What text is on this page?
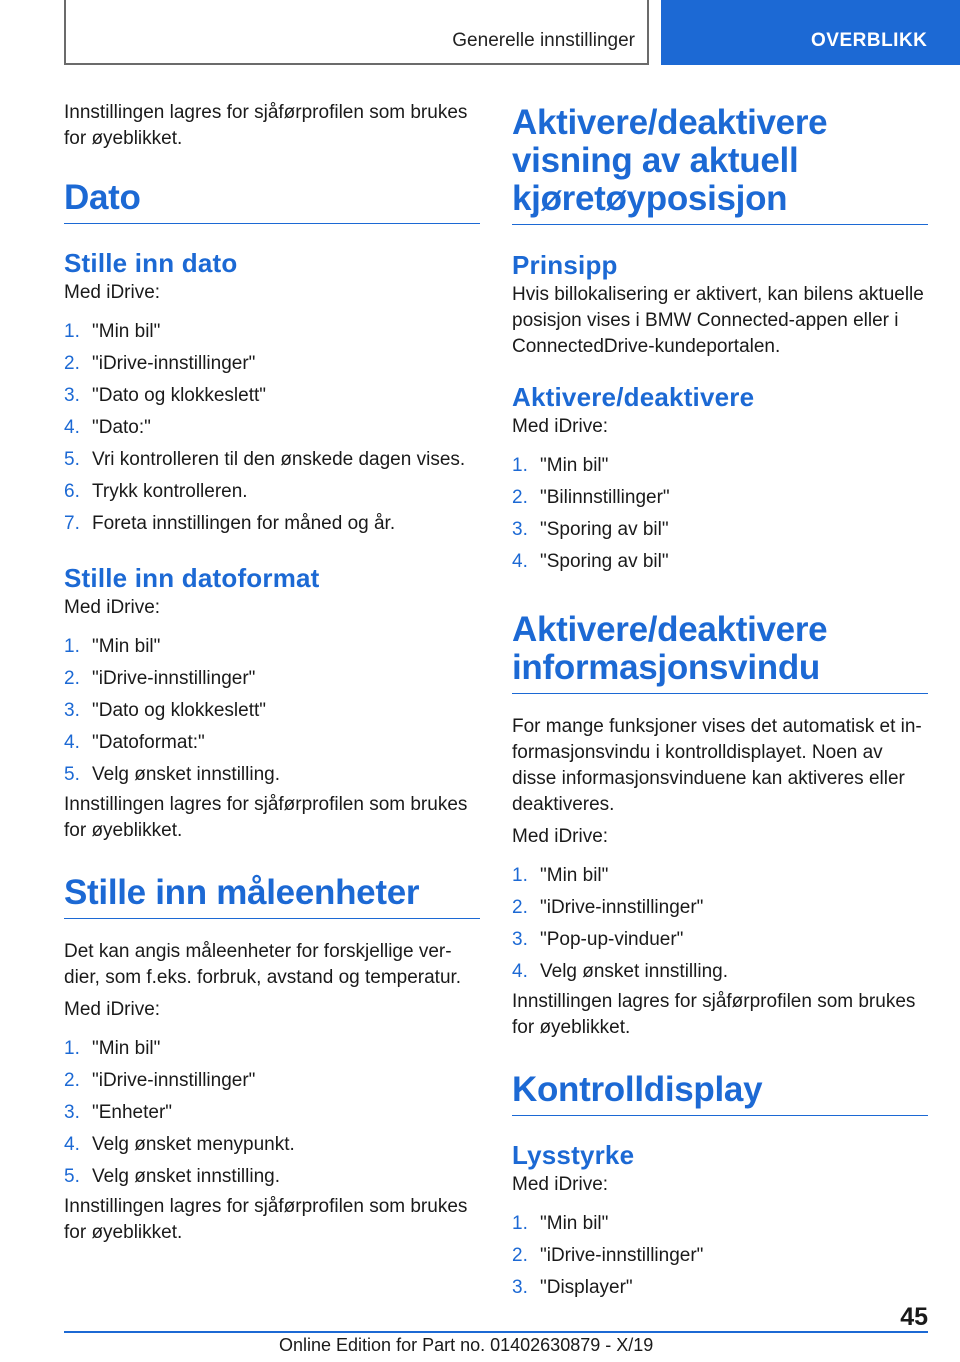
Generelle innstillinger	OVERBLIKK

Innstillingen lagres for sjåførprofilen som brukes for øyeblikket.

Dato
Stille inn dato

Med iDrive:

1. "Min bil"
2. "iDrive-innstillinger"
3. "Dato og klokkeslett"
4. "Dato:"
5. Vri kontrolleren til den ønskede dagen vises.
6. Trykk kontrolleren.
7. Foreta innstillingen for måned og år.
Stille inn datoformat

Med iDrive:

1. "Min bil"
2. "iDrive-innstillinger"
3. "Dato og klokkeslett"
4. "Datoformat:"
5. Velg ønsket innstilling.

Innstillingen lagres for sjåførprofilen som brukes for øyeblikket.

Stille inn måleenheter

Det kan angis måleenheter for forskjellige verdier, som f.eks. forbruk, avstand og temperatur.

Med iDrive:

1. "Min bil"
2. "iDrive-innstillinger"
3. "Enheter"
4. Velg ønsket menypunkt.
5. Velg ønsket innstilling.

Innstillingen lagres for sjåførprofilen som brukes for øyeblikket.

Aktivere/deaktivere visning av aktuell kjøretøyposisjon
Prinsipp

Hvis billokalisering er aktivert, kan bilens aktuelle posisjon vises i BMW Connected-appen eller i ConnectedDrive-kundeportalen.

Aktivere/deaktivere

Med iDrive:

1. "Min bil"
2. "Bilinnstillinger"
3. "Sporing av bil"
4. "Sporing av bil"
Aktivere/deaktivere informasjonsvindu

For mange funksjoner vises det automatisk et informasjonsvindu i kontrolldisplayet. Noen av disse informasjonsvinduene kan aktiveres eller deaktiveres.

Med iDrive:

1. "Min bil"
2. "iDrive-innstillinger"
3. "Pop-up-vinduer"
4. Velg ønsket innstilling.

Innstillingen lagres for sjåførprofilen som brukes for øyeblikket.

Kontrolldisplay
Lysstyrke

Med iDrive:

1. "Min bil"
2. "iDrive-innstillinger"
3. "Displayer"
45
Online Edition for Part no. 01402630879 - X/19
